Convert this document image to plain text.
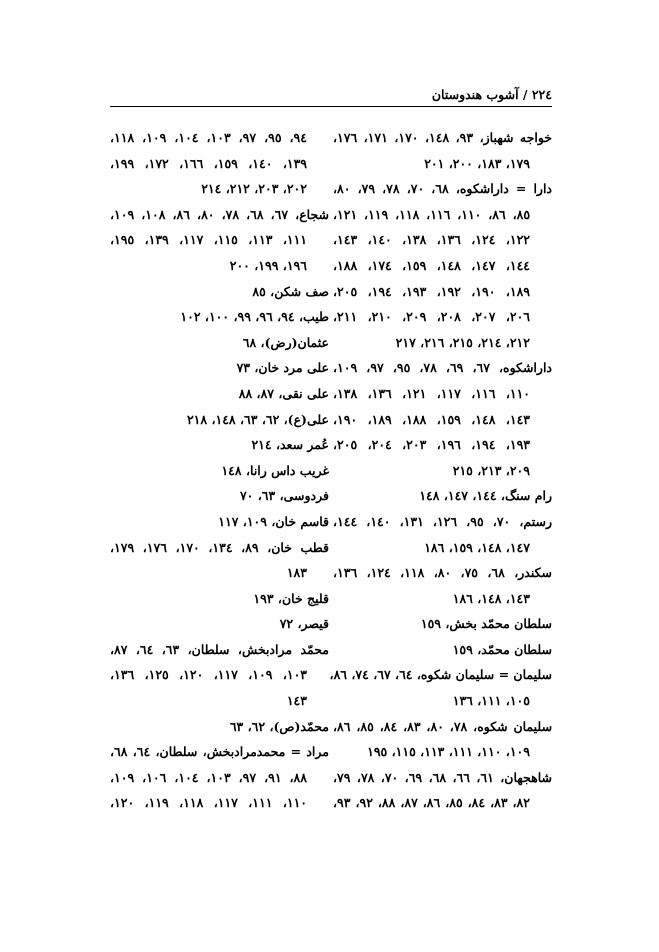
٢٢٤ / آشوب هندوستان
خواجه شهباز، ٩٣، ١٤٨، ١٧٠، ١٧١، ١٧٦،
١٧٩، ١٨٣، ٢٠٠، ٢٠١
دارا = داراشکوه، ٦٨، ٧٠، ٧٨، ٧٩، ٨٠،
٨٥، ٨٦، ١١٠، ١١٦، ١١٨، ١١٩، ١٢١،
١٢٢، ١٢٤، ١٣٦، ١٣٨، ١٤٠، ١٤٣،
١٤٤، ١٤٧، ١٤٨، ١٥٩، ١٧٤، ١٨٨،
١٨٩، ١٩٠، ١٩٢، ١٩٣، ١٩٤، ٢٠٥،
٢٠٦، ٢٠٧، ٢٠٨، ٢٠٩، ٢١٠، ٢١١،
٢١٢، ٢١٤، ٢١٥، ٢١٦، ٢١٧
داراشکوه، ٦٧، ٦٩، ٧٨، ٩٥، ٩٧، ١٠٩،
١١٠، ١١٦، ١١٧، ١٢١، ١٣٦، ١٣٨،
١٤٣، ١٤٨، ١٥٩، ١٨٨، ١٨٩، ١٩٠،
١٩٣، ١٩٤، ١٩٦، ٢٠٣، ٢٠٤، ٢٠٥،
٢٠٩، ٢١٣، ٢١٥
رام سنگ، ١٤٤، ١٤٧، ١٤٨
رستم، ٧٠، ٩٥، ١٢٦، ١٣١، ١٤٠، ١٤٤،
١٤٧، ١٤٨، ١٥٩، ١٨٦
سکندر، ٦٨، ٧٥، ٨٠، ١١٨، ١٢٤، ١٣٦،
١٤٣، ١٤٨، ١٨٦
سلطان محمّد بخش، ١٥٩
سلطان محمّد، ١٥٩
سلیمان = سلیمان شکوه، ٦٤، ٦٧، ٧٤، ٨٦،
١٠٥، ١١١، ١٣٦
سلیمان شکوه، ٧٨، ٨٠، ٨٣، ٨٤، ٨٥، ٨٦،
١٠٩، ١١٠، ١١١، ١١٣، ١١٥، ١٩٥
شاهجهان، ٦١، ٦٦، ٦٨، ٦٩، ٧٠، ٧٨، ٧٩،
٨٢، ٨٣، ٨٤، ٨٥، ٨٦، ٨٧، ٨٨، ٩٢، ٩٣،
٩٤، ٩٥، ٩٧، ١٠٣، ١٠٤، ١٠٩، ١١٨،
١٣٩، ١٤٠، ١٥٩، ١٦٦، ١٧٢، ١٩٩،
٢٠٢، ٢٠٣، ٢١٢، ٢١٤
شجاع، ٦٧، ٦٨، ٧٨، ٨٠، ٨٦، ١٠٨، ١٠٩،
١١١، ١١٣، ١١٥، ١١٧، ١٣٩، ١٩٥،
١٩٦، ١٩٩، ٢٠٠
صف شکن، ٨٥
طیب، ٩٤، ٩٦، ٩٩، ١٠٠، ١٠٢
عثمان(رض)، ٦٨
علی مرد خان، ٧٣
علی نقی، ٨٧، ٨٨
علی(ع)، ٦٢، ٦٣، ١٤٨، ٢١٨
عُمر سعد، ٢١٤
غریب داس رانا، ١٤٨
فردوسی، ٦٣، ٧٠
قاسم خان، ١٠٩، ١١٧
قطب خان، ٨٩، ١٣٤، ١٧٠، ١٧٦، ١٧٩،
١٨٣
قلیج خان، ١٩٣
قیصر، ٧٢
محمّد مرادبخش، سلطان، ٦٣، ٦٤، ٨٧،
١٠٣، ١٠٩، ١١٧، ١٢٠، ١٢٥، ١٣٦،
١٤٣
محمّد(ص)، ٦٢، ٦٣
مراد = محمدمرادبخش، سلطان، ٦٤، ٦٨،
٨٨، ٩١، ٩٧، ١٠٣، ١٠٤، ١٠٦، ١٠٩،
١١٠، ١١١، ١١٧، ١١٨، ١١٩، ١٢٠،
